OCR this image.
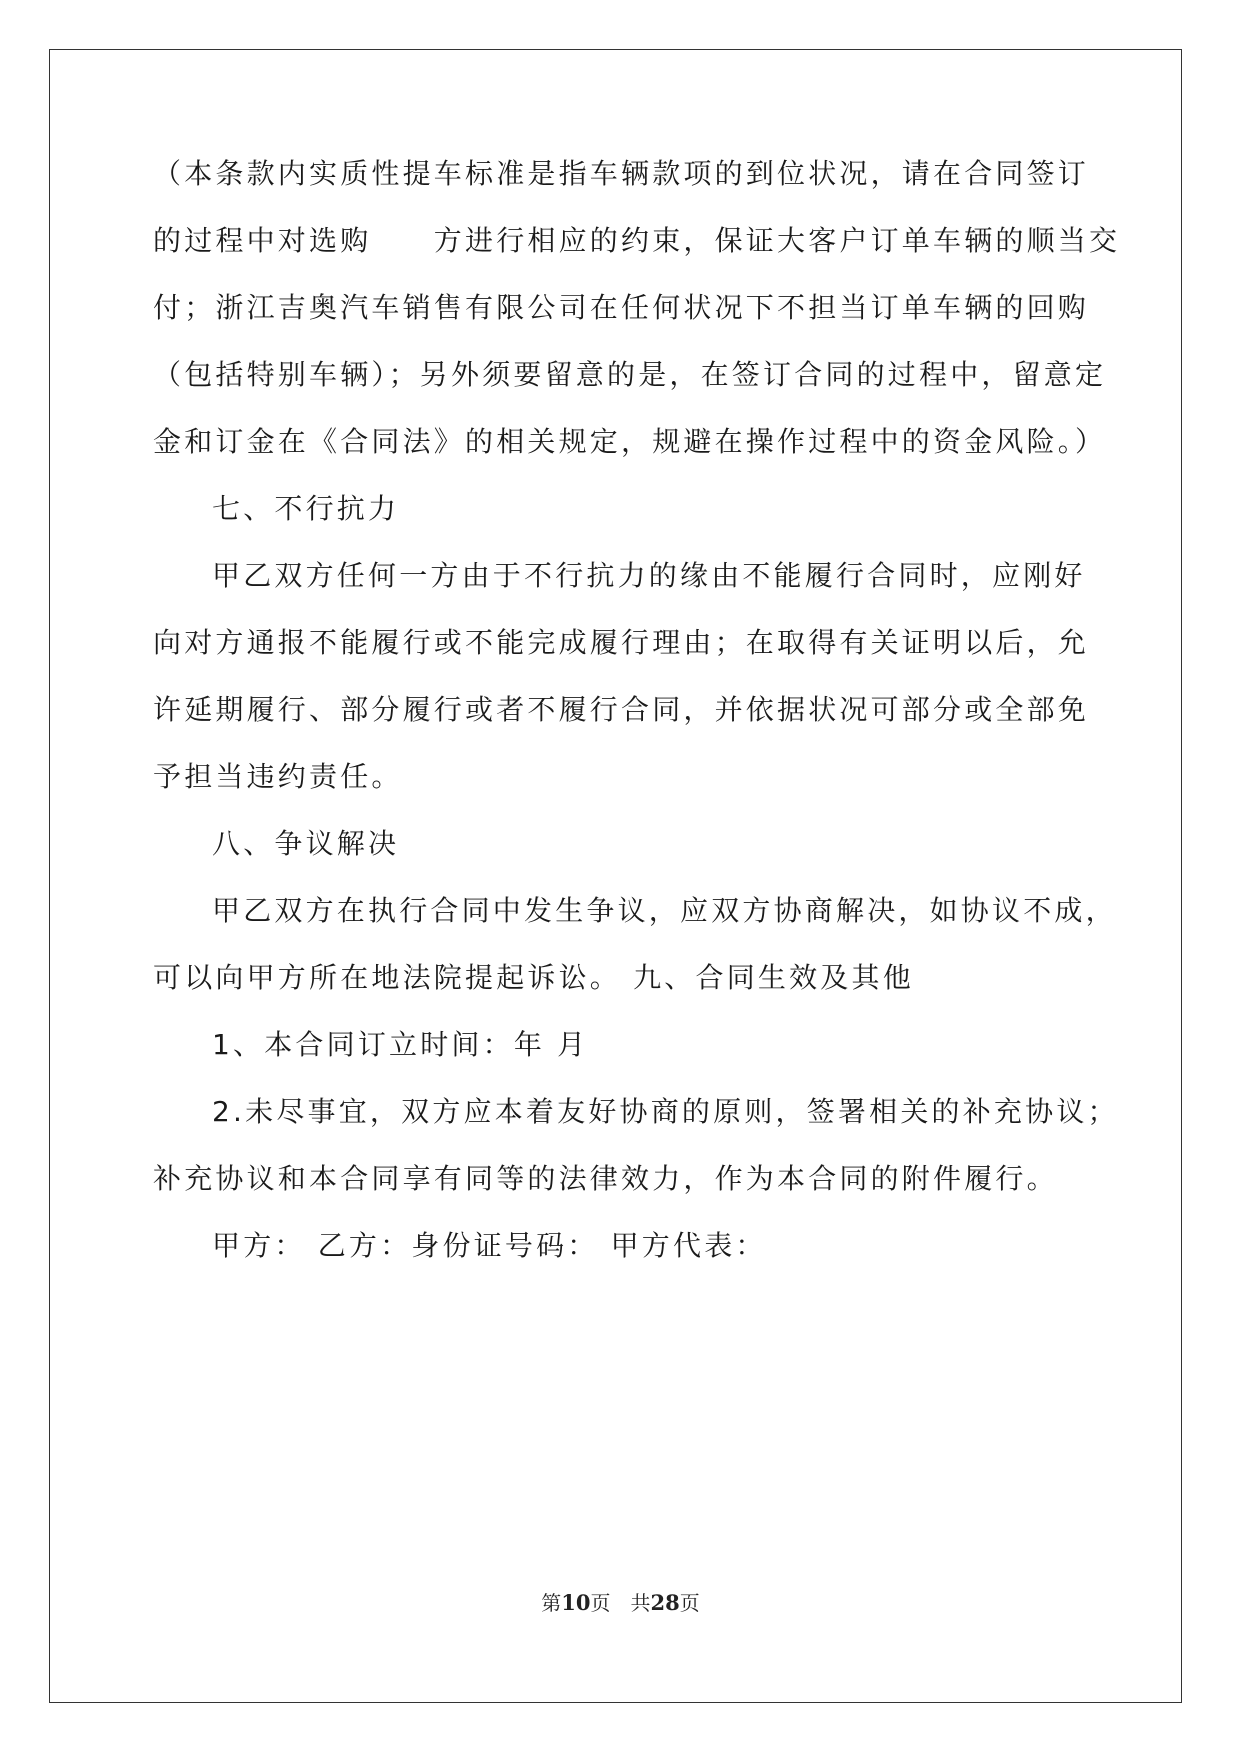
（本条款内实质性提车标准是指车辆款项的到位状况，请在合同签订
的过程中对选购　　方进行相应的约束，保证大客户订单车辆的顺当交
付；浙江吉奥汽车销售有限公司在任何状况下不担当订单车辆的回购
（包括特别车辆）；另外须要留意的是，在签订合同的过程中，留意定
金和订金在《合同法》的相关规定，规避在操作过程中的资金风险。）
七、不行抗力
甲乙双方任何一方由于不行抗力的缘由不能履行合同时，应刚好
向对方通报不能履行或不能完成履行理由；在取得有关证明以后，允
许延期履行、部分履行或者不履行合同，并依据状况可部分或全部免
予担当违约责任。
八、争议解决
甲乙双方在执行合同中发生争议，应双方协商解决，如协议不成，
可以向甲方所在地法院提起诉讼。 九、合同生效及其他
1、本合同订立时间：年 月
2.未尽事宜，双方应本着友好协商的原则，签署相关的补充协议；
补充协议和本合同享有同等的法律效力，作为本合同的附件履行。
甲方： 乙方：身份证号码： 甲方代表：
第10页 共28页
